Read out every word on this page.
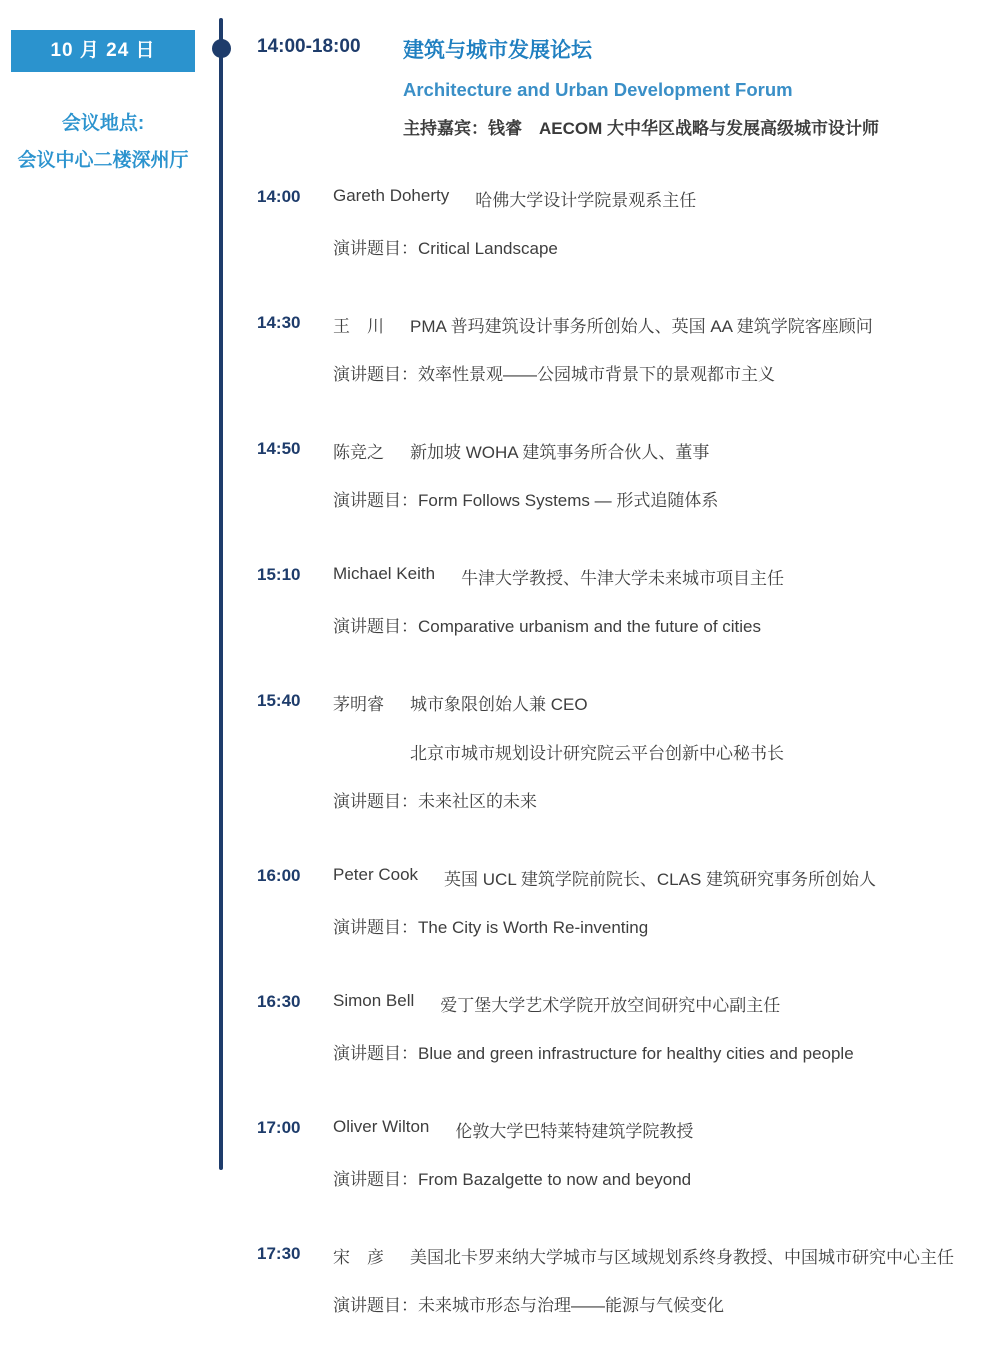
10 月 24 日
会议地点:
会议中心二楼深州厅
14:00-18:00	建筑与城市发展论坛
Architecture and Urban Development Forum
主持嘉宾：钱睿　AECOM 大中华区战略与发展高级城市设计师
14:00	Gareth Doherty 哈佛大学设计学院景观系主任
演讲题目：Critical Landscape
14:30	王　川 PMA 普玛建筑设计事务所创始人、英国 AA 建筑学院客座顾问
演讲题目：效率性景观——公园城市背景下的景观都市主义
14:50	陈竞之 新加坡 WOHA 建筑事务所合伙人、董事
演讲题目：Form Follows Systems — 形式追随体系
15:10	Michael Keith 牛津大学教授、牛津大学未来城市项目主任
演讲题目：Comparative urbanism and the future of cities
15:40	茅明睿 城市象限创始人兼 CEO
北京市城市规划设计研究院云平台创新中心秘书长
演讲题目：未来社区的未来
16:00	Peter Cook 英国 UCL 建筑学院前院长、CLAS 建筑研究事务所创始人
演讲题目：The City is Worth Re-inventing
16:30	Simon Bell 爱丁堡大学艺术学院开放空间研究中心副主任
演讲题目：Blue and green infrastructure for healthy cities and people
17:00	Oliver Wilton 伦敦大学巴特莱特建筑学院教授
演讲题目：From Bazalgette to now and beyond
17:30	宋　彦 美国北卡罗来纳大学城市与区域规划系终身教授、中国城市研究中心主任
演讲题目：未来城市形态与治理——能源与气候变化
